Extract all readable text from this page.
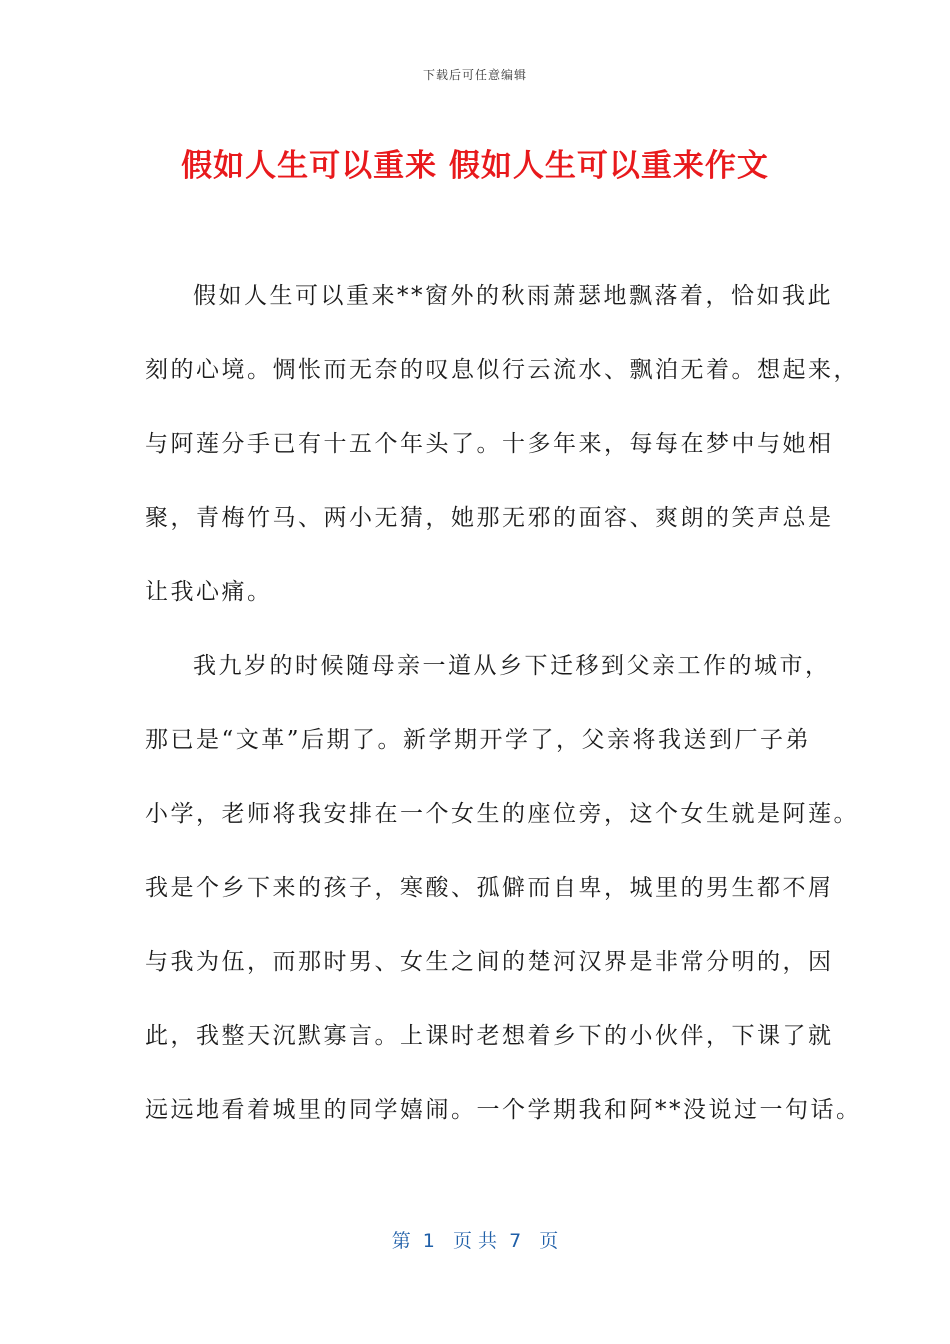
下载后可任意编辑
假如人生可以重来 假如人生可以重来作文
假如人生可以重来**窗外的秋雨萧瑟地飘落着，恰如我此
刻的心境。惆怅而无奈的叹息似行云流水、飘泊无着。想起来，
与阿莲分手已有十五个年头了。十多年来，每每在梦中与她相
聚，青梅竹马、两小无猜，她那无邪的面容、爽朗的笑声总是
让我心痛。
我九岁的时候随母亲一道从乡下迁移到父亲工作的城市，
那已是“文革”后期了。新学期开学了，父亲将我送到厂子弟
小学，老师将我安排在一个女生的座位旁，这个女生就是阿莲。
我是个乡下来的孩子，寒酸、孤僻而自卑，城里的男生都不屑
与我为伍，而那时男、女生之间的楚河汉界是非常分明的，因
此，我整天沉默寡言。上课时老想着乡下的小伙伴，下课了就
远远地看着城里的同学嬉闹。一个学期我和阿**没说过一句话。
第  1   页 共  7   页
